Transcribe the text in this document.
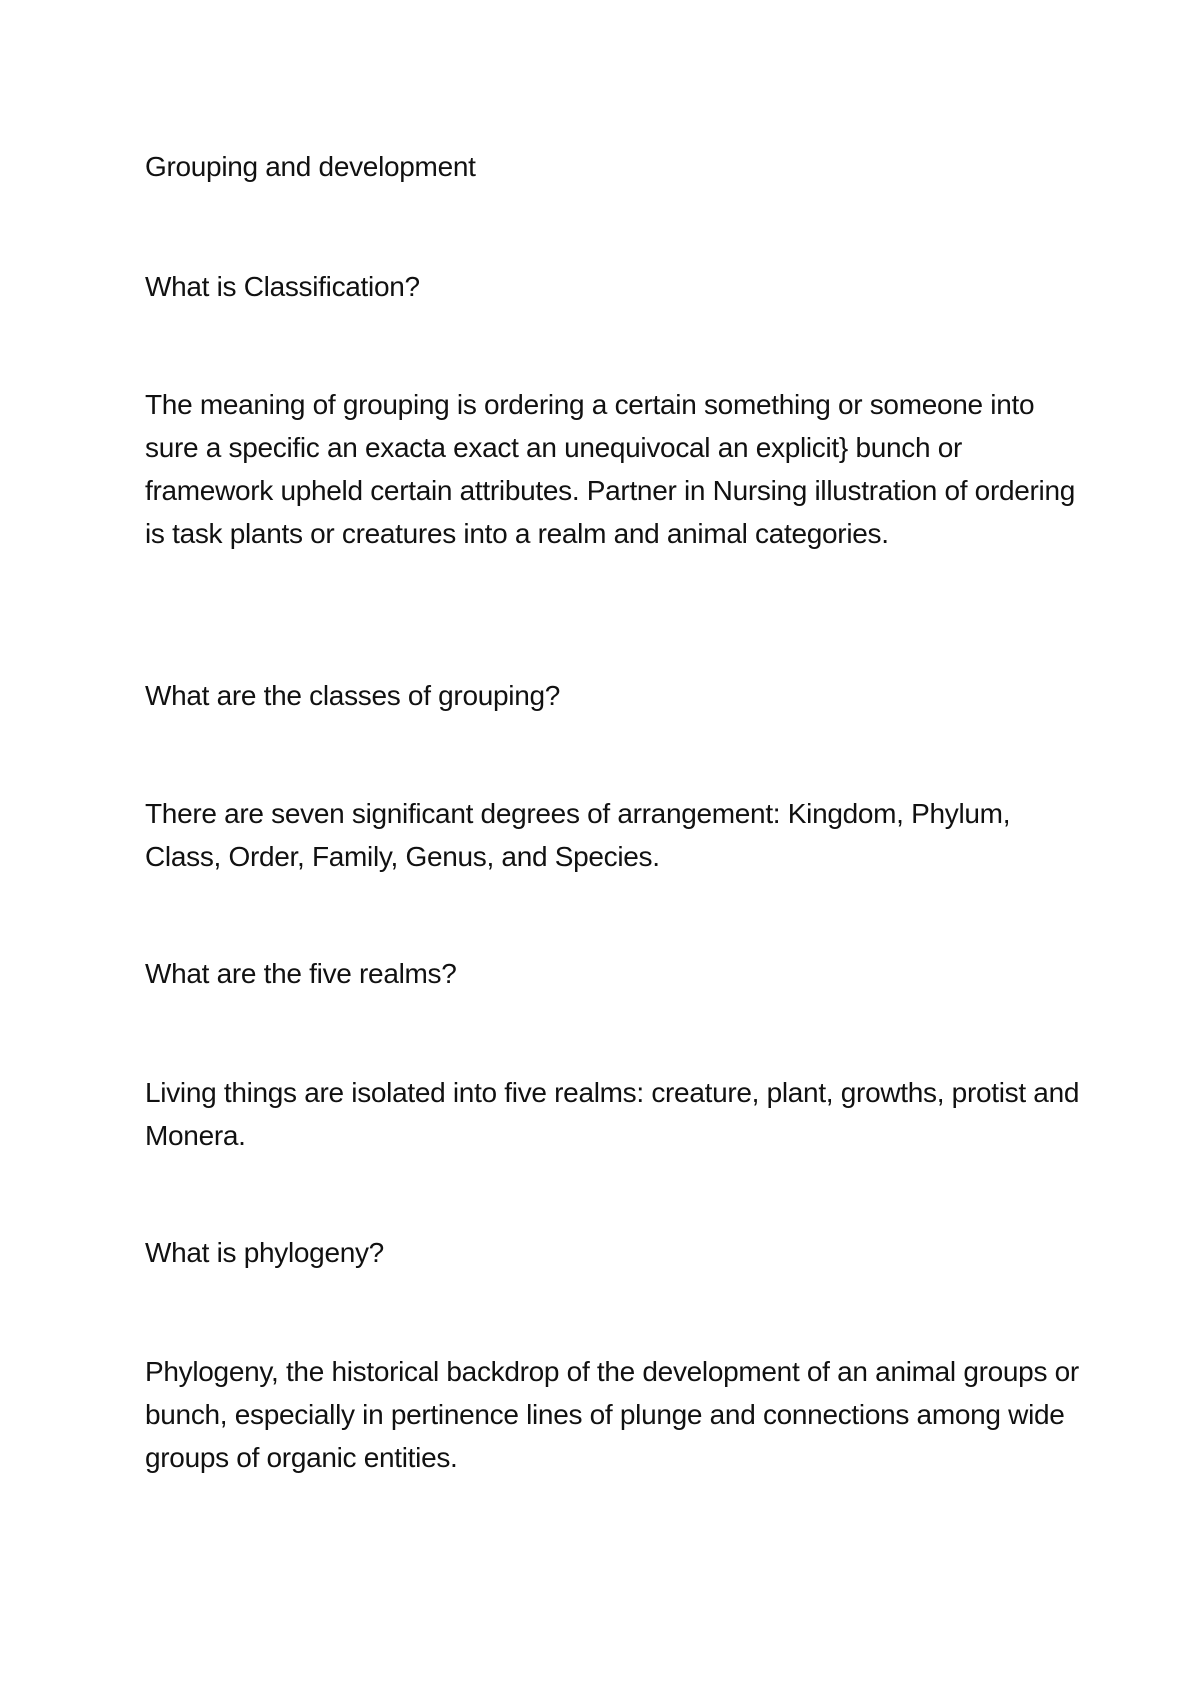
Grouping and development

What is Classification?

The meaning of grouping is ordering a certain something or someone into sure a specific an exacta exact an unequivocal an explicit} bunch or framework upheld certain attributes. Partner in Nursing illustration of ordering is task plants or creatures into a realm and animal categories.

What are the classes of grouping?

There are seven significant degrees of arrangement: Kingdom, Phylum, Class, Order, Family, Genus, and Species.

What are the five realms?

Living things are isolated into five realms: creature, plant, growths, protist and Monera.

What is phylogeny?

Phylogeny, the historical backdrop of the development of an animal groups or bunch, especially in pertinence lines of plunge and connections among wide groups of organic entities.
